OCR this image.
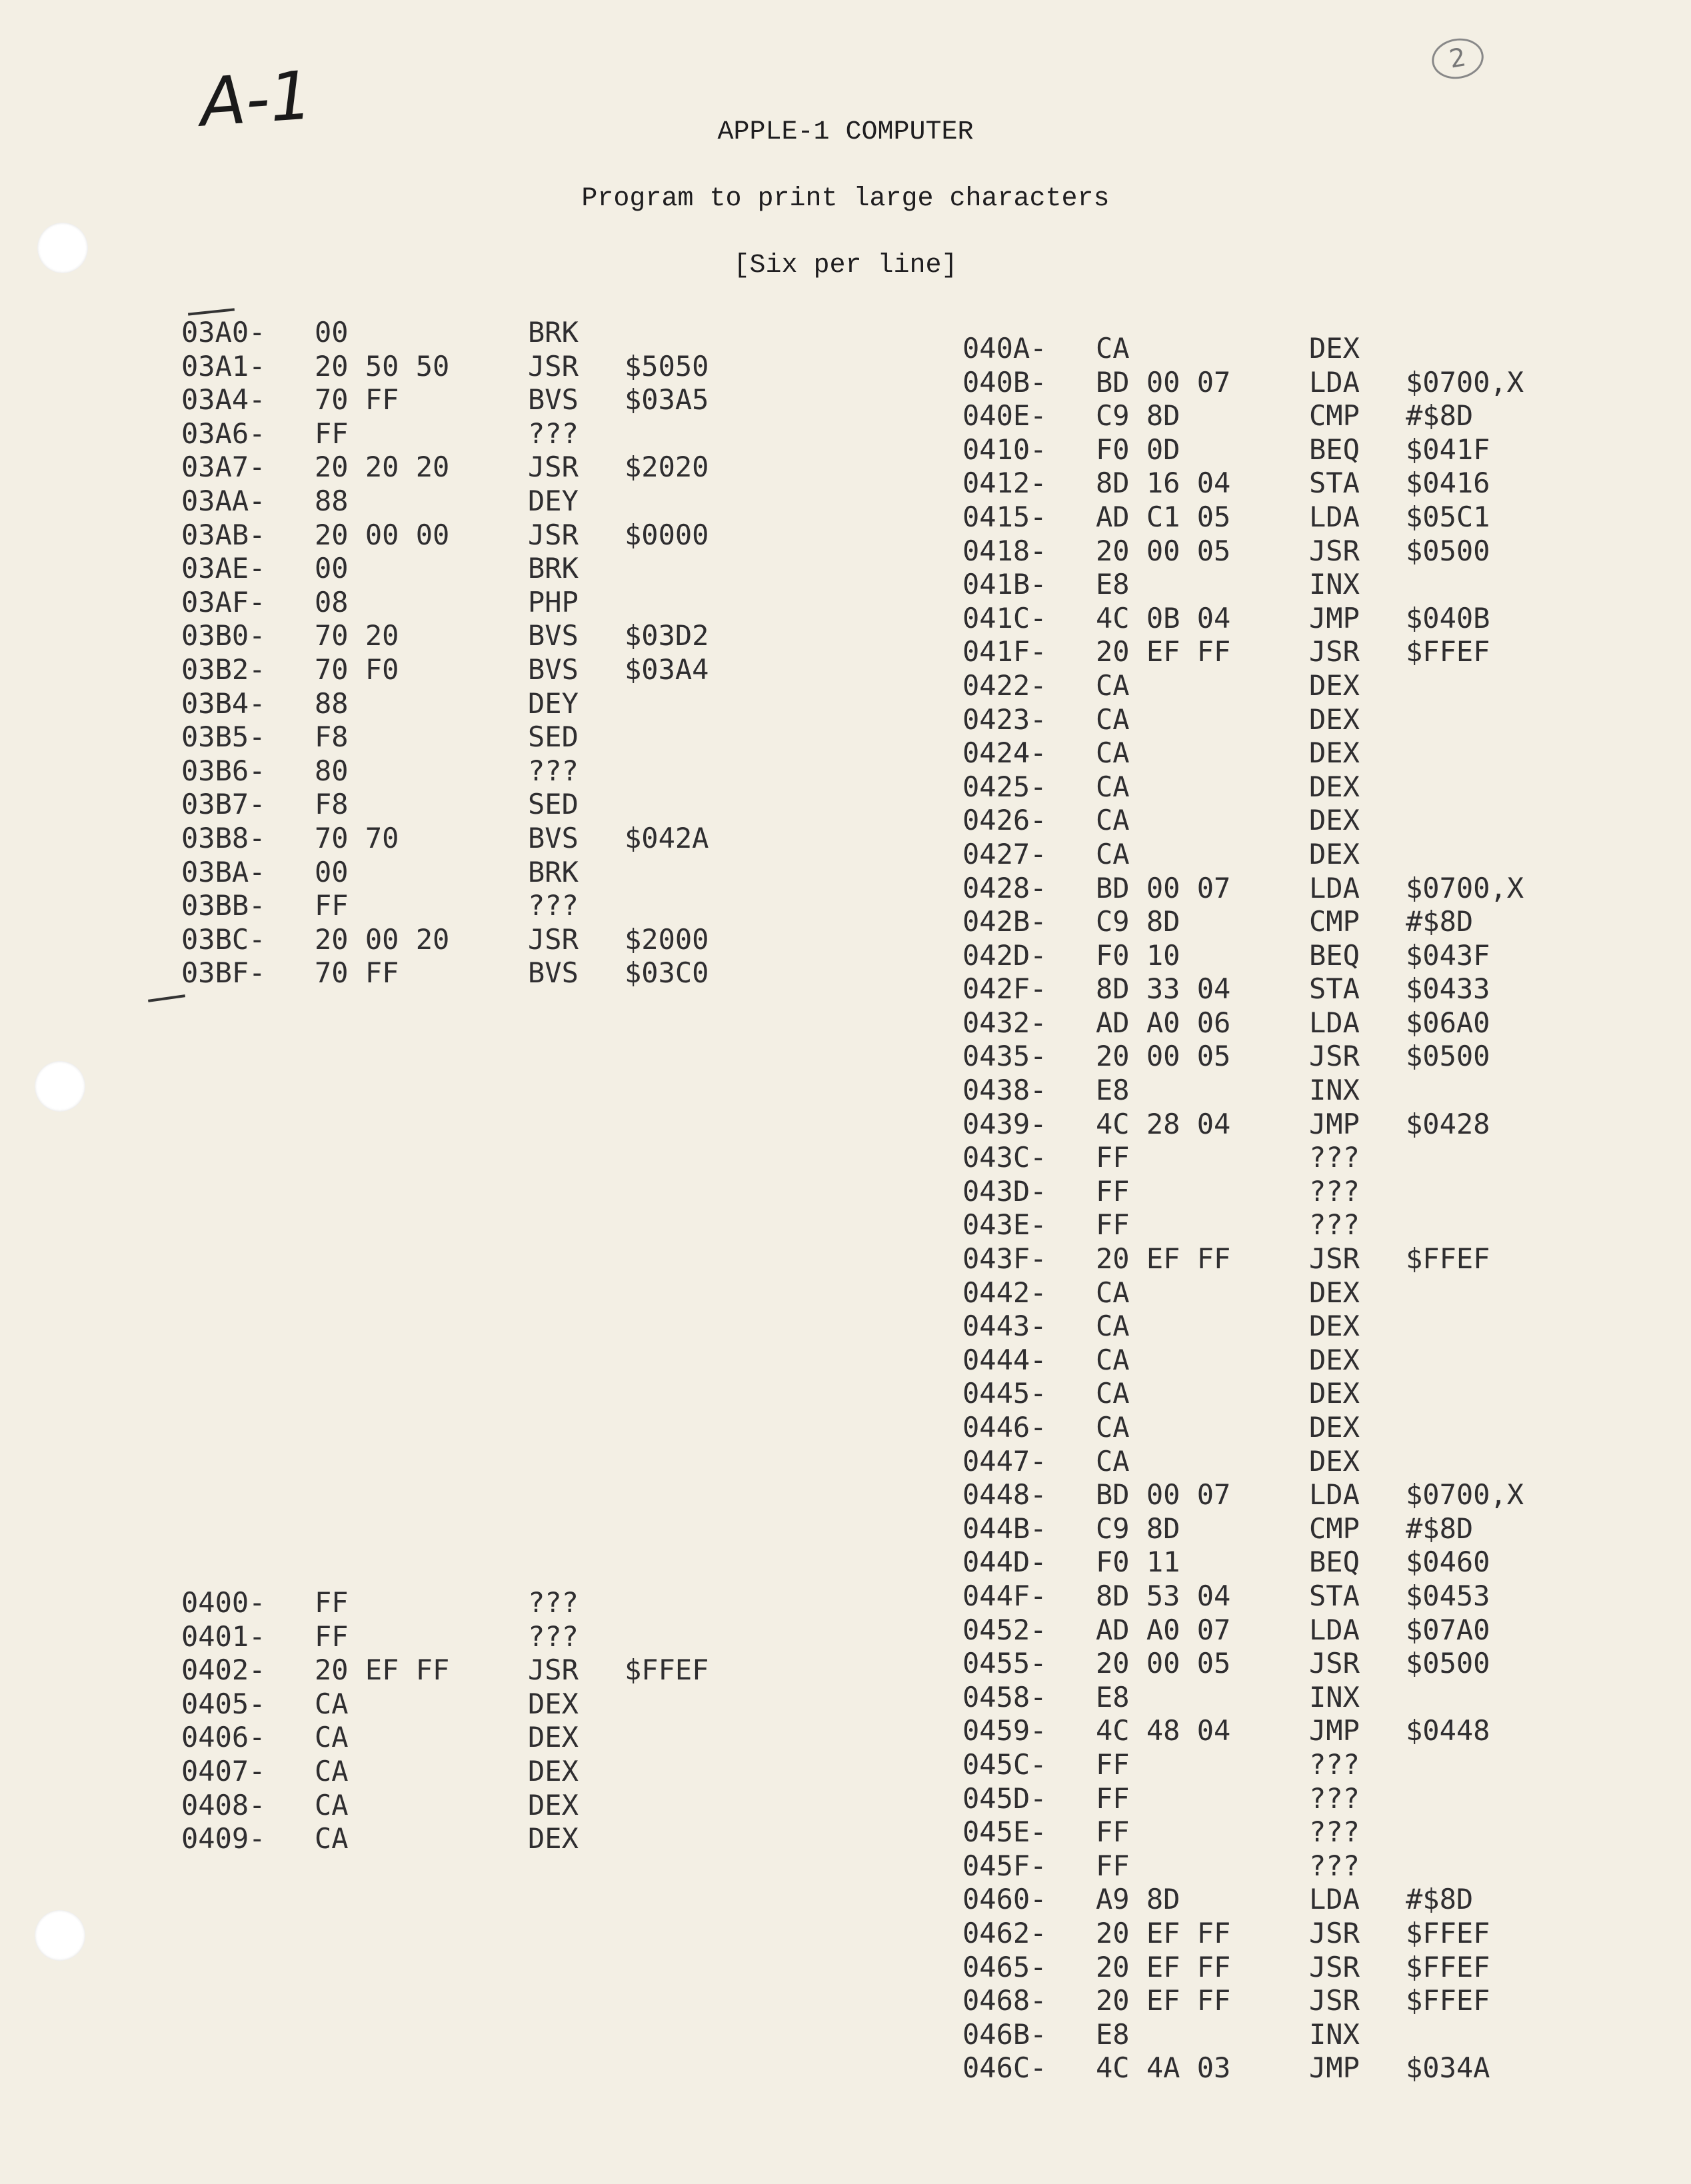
A-1	2
APPLE-1 COMPUTER
Program to print large characters
[Six per line]
03A0- 00	BRK
03A1- 20 50 50	JSR $5050
03A4- 70 FF	BVS $03A5
03A6- FF	???
03A7- 20 20 20	JSR $2020
03AA- 88	DEY
03AB- 20 00 00	JSR $0000
03AE- 00	BRK
03AF- 08	PHP
03B0- 70 20	BVS $03D2
03B2- 70 F0	BVS $03A4
03B4- 88	DEY
03B5- F8	SED
03B6- 80	???
03B7- F8	SED
03B8- 70 70	BVS $042A
03BA- 00	BRK
03BB- FF	???
03BC- 20 00 20	JSR $2000
03BF- 70 FF	BVS $03C0
0400- FF	???
0401- FF	???
0402- 20 EF FF	JSR $FFEF
0405- CA	DEX
0406- CA	DEX
0407- CA	DEX
0408- CA	DEX
0409- CA	DEX
040A- CA	DEX
040B- BD 00 07	LDA $0700,X
040E- C9 8D	CMP #$8D
0410- F0 0D	BEQ $041F
0412- 8D 16 04	STA $0416
0415- AD C1 05	LDA $05C1
0418- 20 00 05	JSR $0500
041B- E8	INX
041C- 4C 0B 04	JMP $040B
041F- 20 EF FF	JSR $FFEF
0422- CA	DEX
0423- CA	DEX
0424- CA	DEX
0425- CA	DEX
0426- CA	DEX
0427- CA	DEX
0428- BD 00 07	LDA $0700,X
042B- C9 8D	CMP #$8D
042D- F0 10	BEQ $043F
042F- 8D 33 04	STA $0433
0432- AD A0 06	LDA $06A0
0435- 20 00 05	JSR $0500
0438- E8	INX
0439- 4C 28 04	JMP $0428
043C- FF	???
043D- FF	???
043E- FF	???
043F- 20 EF FF	JSR $FFEF
0442- CA	DEX
0443- CA	DEX
0444- CA	DEX
0445- CA	DEX
0446- CA	DEX
0447- CA	DEX
0448- BD 00 07	LDA $0700,X
044B- C9 8D	CMP #$8D
044D- F0 11	BEQ $0460
044F- 8D 53 04	STA $0453
0452- AD A0 07	LDA $07A0
0455- 20 00 05	JSR $0500
0458- E8	INX
0459- 4C 48 04	JMP $0448
045C- FF	???
045D- FF	???
045E- FF	???
045F- FF	???
0460- A9 8D	LDA #$8D
0462- 20 EF FF	JSR $FFEF
0465- 20 EF FF	JSR $FFEF
0468- 20 EF FF	JSR $FFEF
046B- E8	INX
046C- 4C 4A 03	JMP $034A
